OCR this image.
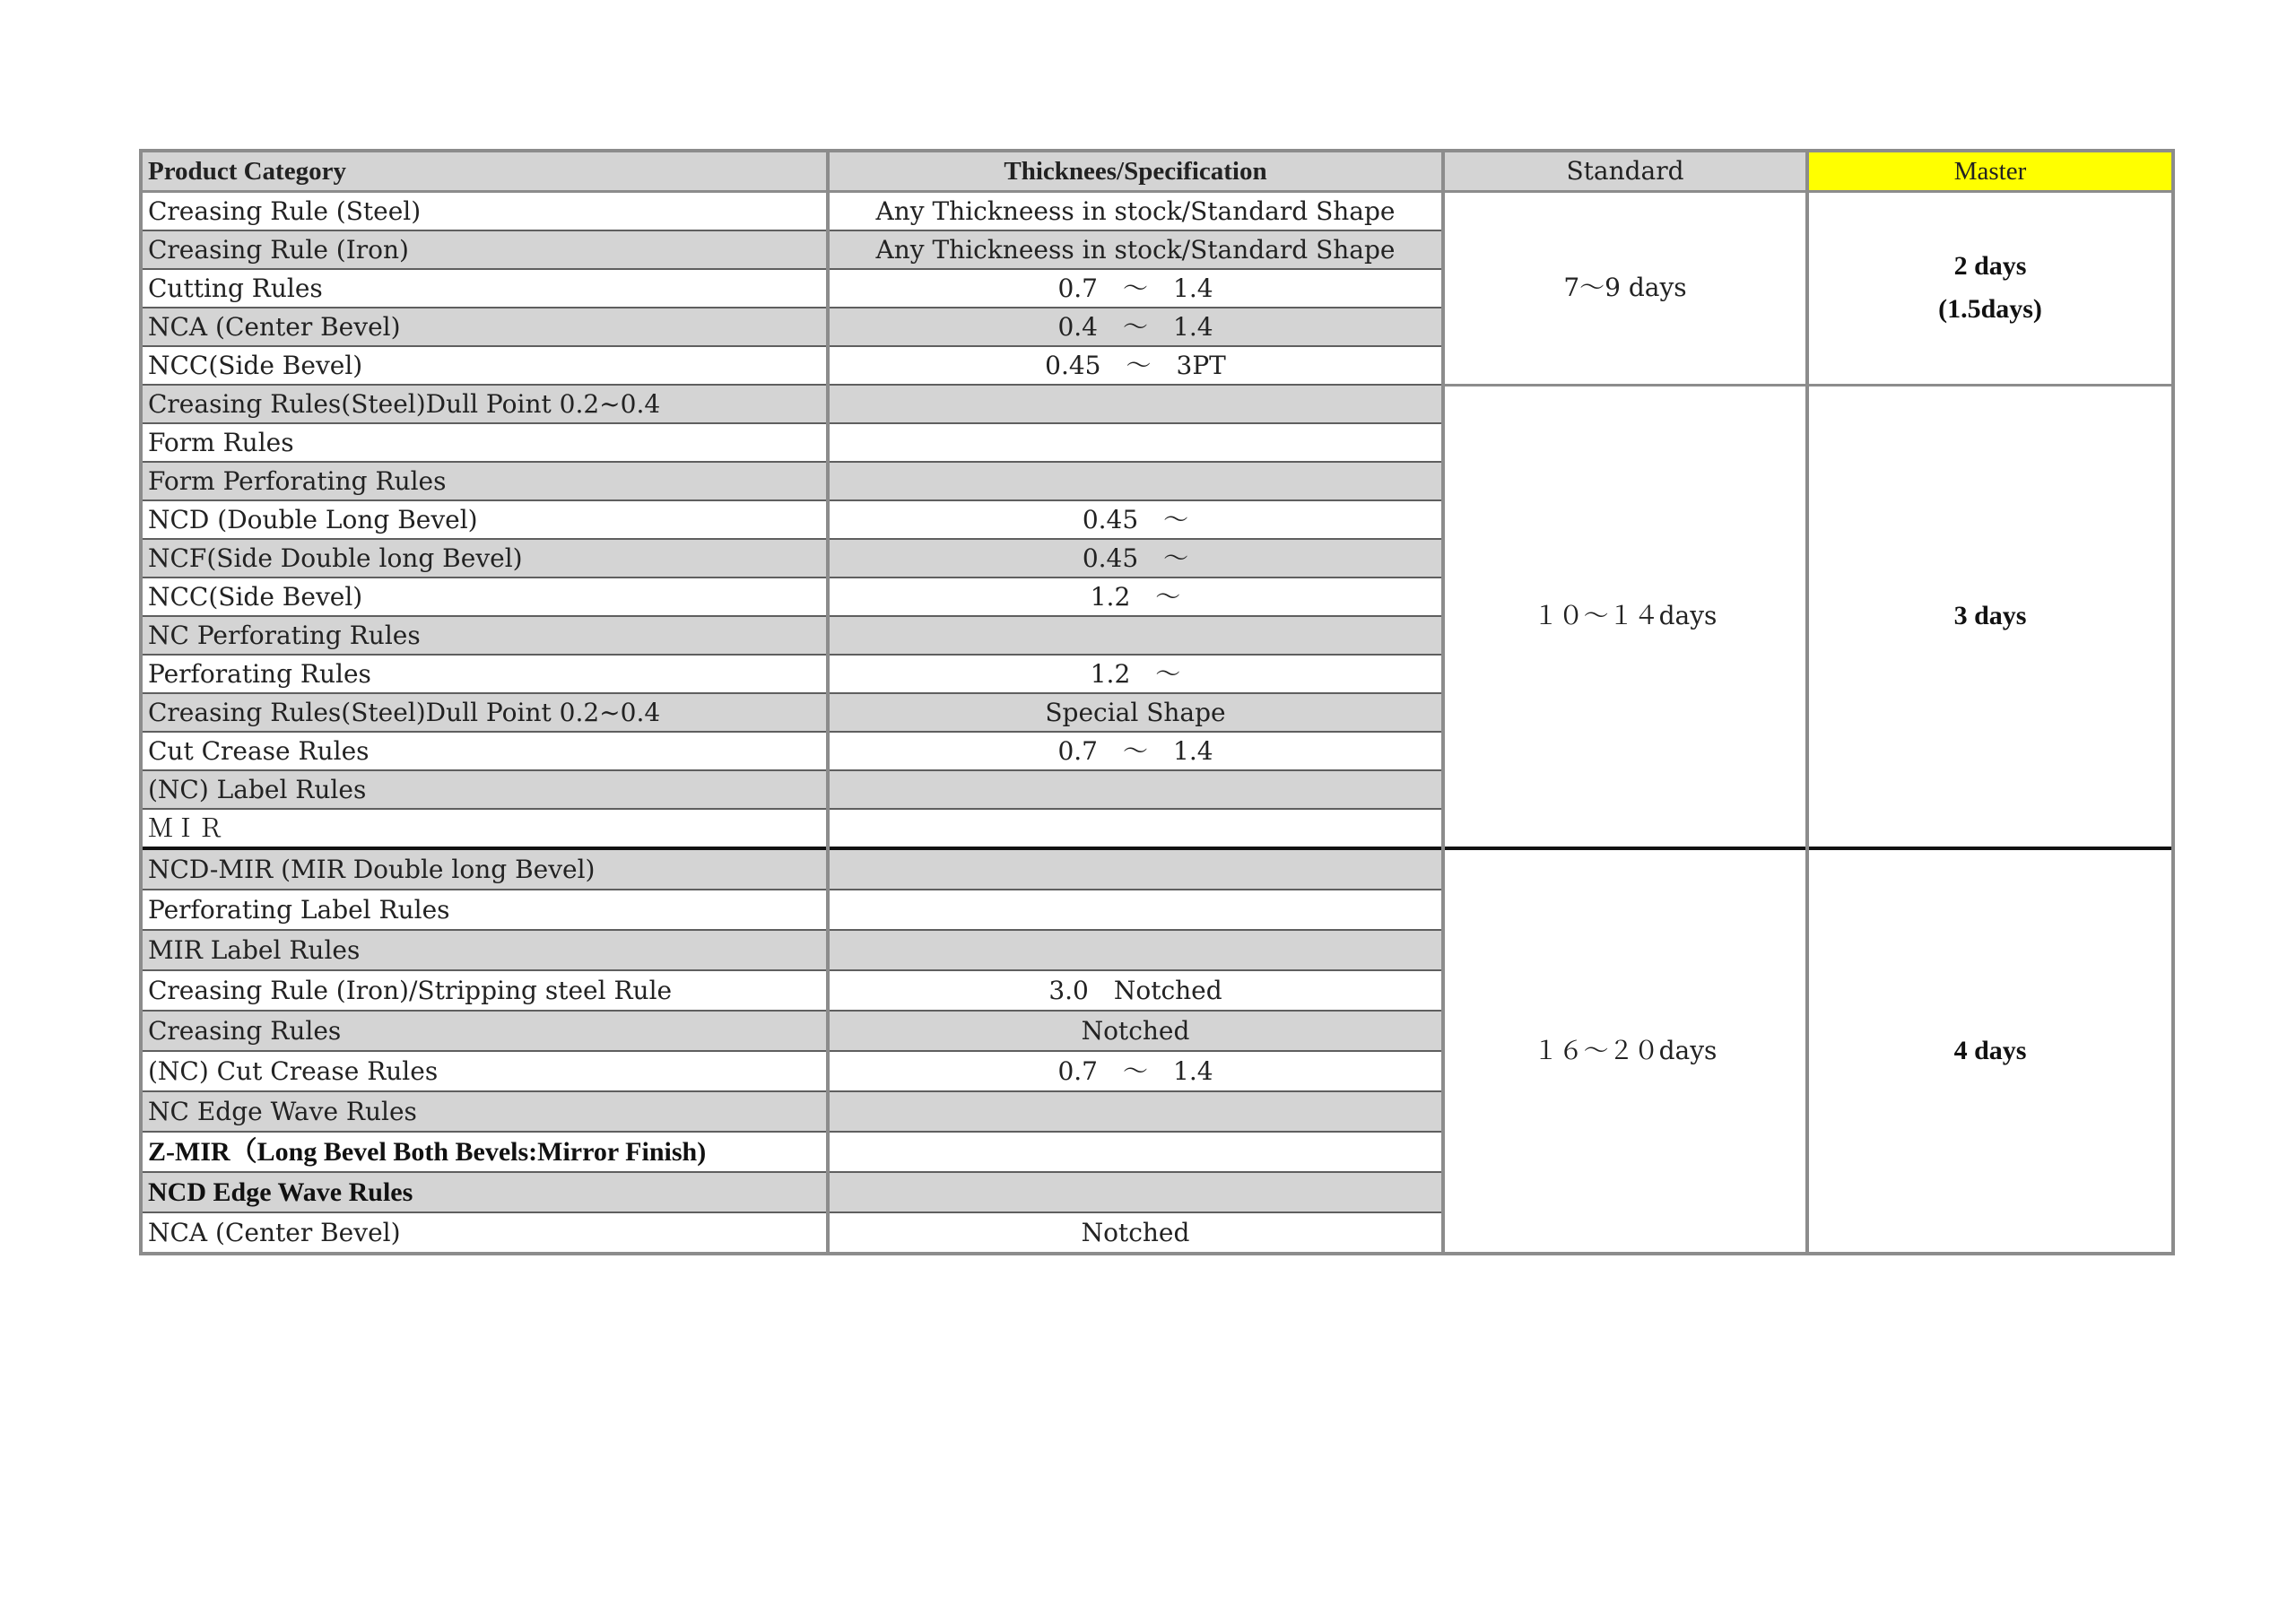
Product Category	Thicknees/Specification	Standard	Master
Creasing Rule (Steel)	Any Thickneess in stock/Standard Shape	7～9 days	2 days
(1.5days)

Creasing Rule (Iron)	Any Thickneess in stock/Standard Shape		
Cutting Rules	0.7　～　1.4		
NCA (Center Bevel)	0.4　～　1.4		
NCC(Side Bevel)	0.45　～　3PT		
Creasing Rules(Steel)Dull Point 0.2~0.4		１０～１４days	3 days

Form Rules			
Form Perforating Rules			
NCD (Double Long Bevel)	0.45　～　		
NCF(Side Double long Bevel)	0.45　～　		
NCC(Side Bevel)	1.2　～　		
NC Perforating Rules			
Perforating Rules	1.2　～　		
Creasing Rules(Steel)Dull Point 0.2~0.4	Special Shape		
Cut Crease Rules	0.7　～　1.4		
(NC) Label Rules			
ＭＩＲ			
NCD-MIR (MIR Double long Bevel)		１６～２０days	4 days

Perforating Label Rules			
MIR Label Rules			
Creasing Rule (Iron)/Stripping steel Rule	3.0　Notched		
Creasing Rules	Notched		
(NC) Cut Crease Rules	0.7　～　1.4		
NC Edge Wave Rules			
Z-MIR（Long Bevel Both Bevels:Mirror Finish)			
NCD Edge Wave Rules			
NCA (Center Bevel)	Notched		
